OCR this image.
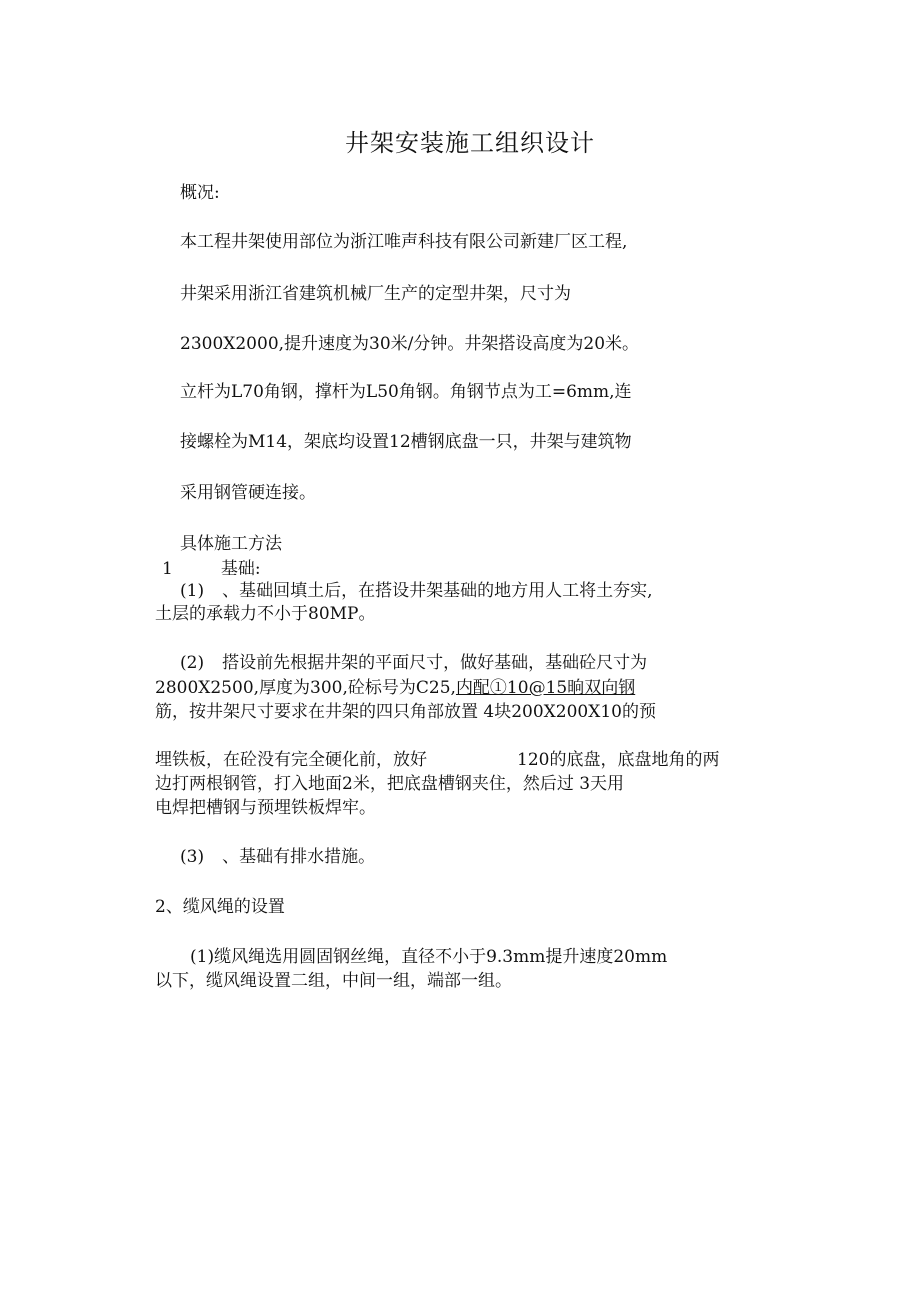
井架安装施工组织设计
概况:
本工程井架使用部位为浙江唯声科技有限公司新建厂区工程,
井架采用浙江省建筑机械厂生产的定型井架，尺寸为
2300X2000,提升速度为30米/分钟。井架搭设高度为20米。
立杆为L70角钢，撑杆为L50角钢。角钢节点为工=6mm,连
接螺栓为M14，架底均设置12槽钢底盘一只，井架与建筑物
采用钢管硬连接。
具体施工方法
1	基础:
(1) 、基础回填土后，在搭设井架基础的地方用人工将土夯实,
土层的承载力不小于80MP。
(2) 搭设前先根据井架的平面尺寸，做好基础，基础砼尺寸为
2800X2500,厚度为300,砼标号为C25,内配①10@15晌双向钢
筋，按井架尺寸要求在井架的四只角部放置 4块200X200X10的预
埋铁板，在砼没有完全硬化前，放好	120的底盘，底盘地角的两
边打两根钢管，打入地面2米，把底盘槽钢夹住，然后过 3天用
电焊把槽钢与预埋铁板焊牢。
(3) 、基础有排水措施。
2、缆风绳的设置
(1)缆风绳选用圆固钢丝绳，直径不小于9.3mm提升速度20mm
以下，缆风绳设置二组，中间一组，端部一组。
